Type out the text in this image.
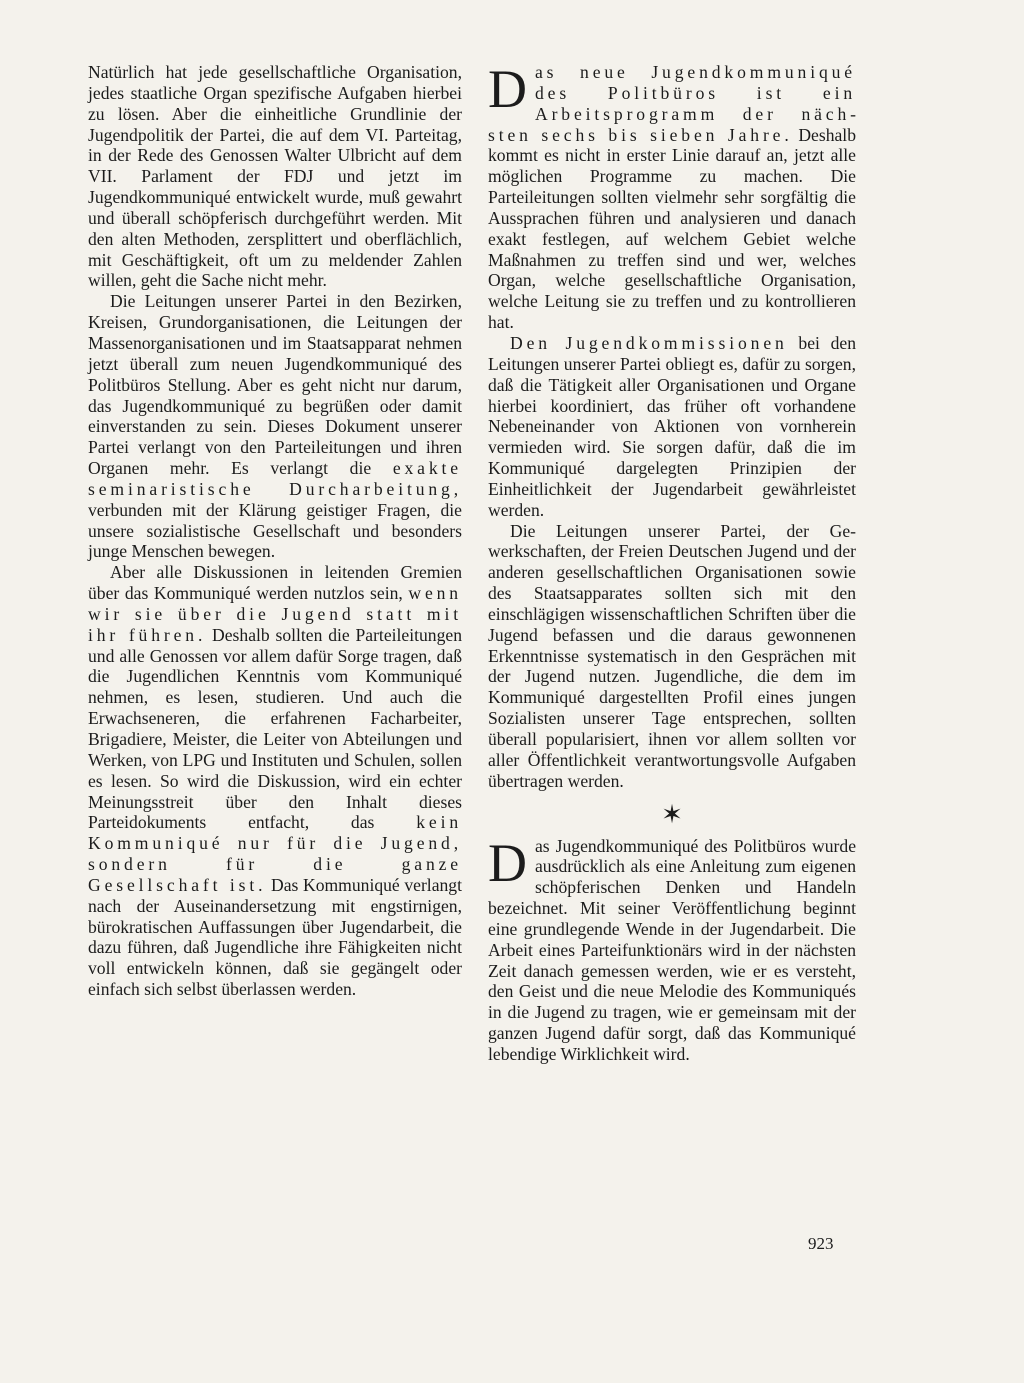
Natürlich hat jede gesellschaftliche Organisation, jedes staatliche Organ spezifische Aufgaben hierbei zu lösen. Aber die einheitliche Grundlinie der Jugendpolitik der Partei, die auf dem VI. Parteitag, in der Rede des Genossen Walter Ulbricht auf dem VII. Parlament der FDJ und jetzt im Jugendkommuniqué entwickelt wurde, muß gewahrt und überall schöpferisch durchgeführt werden. Mit den alten Methoden, zersplittert und oberflächlich, mit Geschäftigkeit, oft um zu meldender Zahlen willen, geht die Sache nicht mehr.

Die Leitungen unserer Partei in den Bezirken, Kreisen, Grundorganisationen, die Leitungen der Massenorganisationen und im Staatsapparat nehmen jetzt überall zum neuen Jugendkommuniqué des Politbüros Stellung. Aber es geht nicht nur darum, das Jugendkommuniqué zu begrüßen oder damit einverstanden zu sein. Dieses Dokument unserer Partei verlangt von den Parteileitungen und ihren Organen mehr. Es verlangt die exakte seminaristische Durcharbeitung, verbunden mit der Klärung geistiger Fragen, die unsere sozialistische Gesellschaft und besonders junge Menschen bewegen.

Aber alle Diskussionen in leitenden Gremien über das Kommuniqué werden nutzlos sein, wenn wir sie über die Jugend statt mit ihr führen. Deshalb sollten die Parteileitungen und alle Genossen vor allem dafür Sorge tragen, daß die Jugendlichen Kenntnis vom Kommuniqué nehmen, es lesen, studieren. Und auch die Erwachseneren, die erfahrenen Facharbeiter, Brigadiere, Meister, die Leiter von Abteilungen und Werken, von LPG und Instituten und Schulen, sollen es lesen. So wird die Diskussion, wird ein echter Meinungsstreit über den Inhalt dieses Parteidokuments entfacht, das kein Kommuniqué nur für die Jugend, sondern für die ganze Gesellschaft ist. Das Kommuniqué verlangt nach der Auseinandersetzung mit engstirnigen, bürokratischen Auffassungen über Jugendarbeit, die dazu führen, daß Jugendliche ihre Fähigkeiten nicht voll entwickeln können, daß sie gegängelt oder einfach sich selbst überlassen werden.

Das neue Jugendkommuniqué des Politbüros ist ein Arbeitsprogramm der nächsten sechs bis sieben Jahre. Deshalb kommt es nicht in erster Linie darauf an, jetzt alle möglichen Programme zu machen. Die Parteileitungen sollten vielmehr sehr sorgfältig die Aussprachen führen und analysieren und danach exakt festlegen, auf welchem Gebiet welche Maßnahmen zu treffen sind und wer, welches Organ, welche gesellschaftliche Organisation, welche Leitung sie zu treffen und zu kontrollieren hat.

Den Jugendkommissionen bei den Leitungen unserer Partei obliegt es, dafür zu sorgen, daß die Tätigkeit aller Organisationen und Organe hierbei koordiniert, das früher oft vorhandene Nebeneinander von Aktionen von vornherein vermieden wird. Sie sorgen dafür, daß die im Kommuniqué dargelegten Prinzipien der Einheitlichkeit der Jugendarbeit gewährleistet werden.

Die Leitungen unserer Partei, der Gewerkschaften, der Freien Deutschen Jugend und der anderen gesellschaftlichen Organisationen sowie des Staatsapparates sollten sich mit den einschlägigen wissenschaftlichen Schriften über die Jugend befassen und die daraus gewonnenen Erkenntnisse systematisch in den Gesprächen mit der Jugend nutzen. Jugendliche, die dem im Kommuniqué dargestellten Profil eines jungen Sozialisten unserer Tage entsprechen, sollten überall popularisiert, ihnen vor allem sollten vor aller Öffentlichkeit verantwortungsvolle Aufgaben übertragen werden.

✶

Das Jugendkommuniqué des Politbüros wurde ausdrücklich als eine Anleitung zum eigenen schöpferischen Denken und Handeln bezeichnet. Mit seiner Veröffentlichung beginnt eine grundlegende Wende in der Jugendarbeit. Die Arbeit eines Parteifunktionärs wird in der nächsten Zeit danach gemessen werden, wie er es versteht, den Geist und die neue Melodie des Kommuniqués in die Jugend zu tragen, wie er gemeinsam mit der ganzen Jugend dafür sorgt, daß das Kommuniqué lebendige Wirklichkeit wird.

923
